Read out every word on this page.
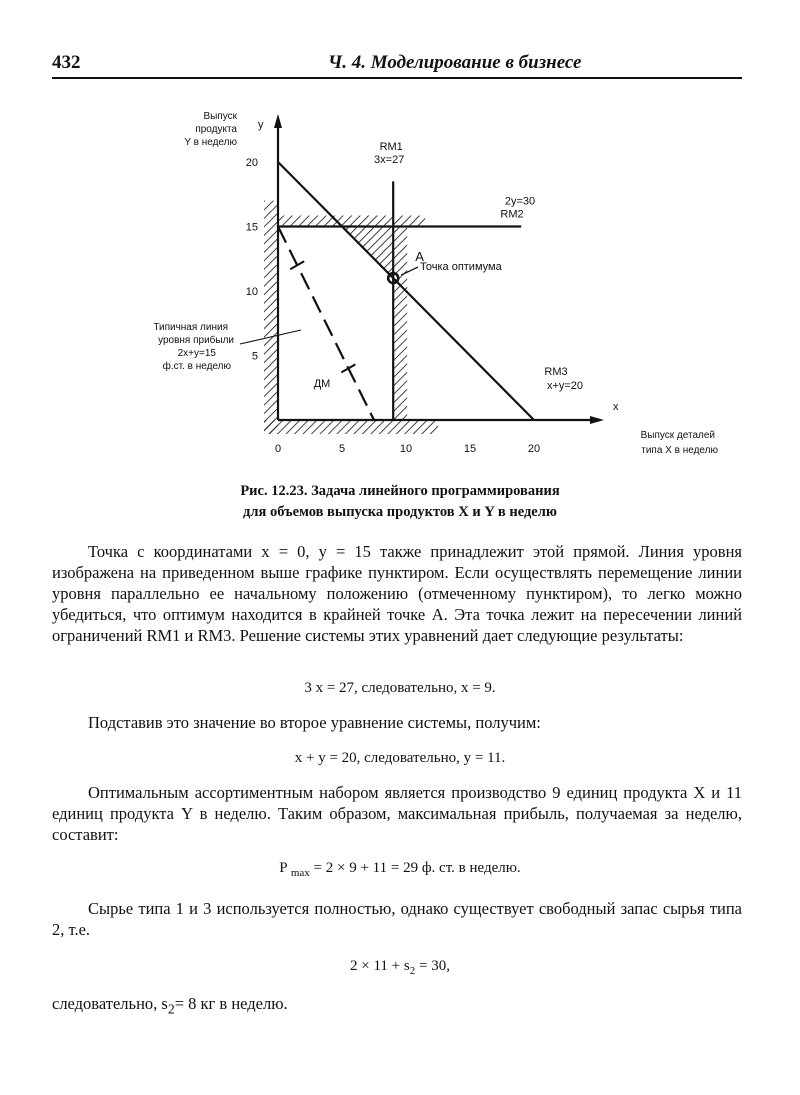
432	Ч. 4. Моделирование в бизнесе
A
Точка оптимума
0	5	10	15	20
5
10
15
20
y
x
Выпуск
продукта
Y в неделю
Выпуск деталей
типа X в неделю
RM1
3x=27
2y=30
RM2
RM3
x+y=20
ДМ
Типичная линия
уровня прибыли
2x+y=15
ф.ст. в неделю
Рис. 12.23. Задача линейного программирования
для объемов выпуска продуктов X и Y в неделю
Точка с координатами x = 0, y = 15 также принадлежит этой прямой. Линия уровня изображена на приведенном выше графике пунктиром. Если осуществлять перемещение линии уровня параллельно ее начальному положению (отмеченному пунктиром), то легко можно убедиться, что оптимум находится в крайней точке A. Эта точка лежит на пересечении линий ограничений RM1 и RM3. Решение системы этих уравнений дает следующие результаты:
3 x = 27, следовательно, x = 9.
Подставив это значение во второе уравнение системы, получим:
x + y = 20, следовательно, y = 11.
Оптимальным ассортиментным набором является производство 9 единиц продукта X и 11 единиц продукта Y в неделю. Таким образом, максимальная прибыль, получаемая за неделю, составит:
P $_{max}$ = 2 × 9 + 11 = 29 ф. ст. в неделю.
Сырье типа 1 и 3 используется полностью, однако существует свободный запас сырья типа 2, т.е.
$2 \times 11 + s_2 = 30$,
следовательно, $s_2= 8$ кг в неделю.
